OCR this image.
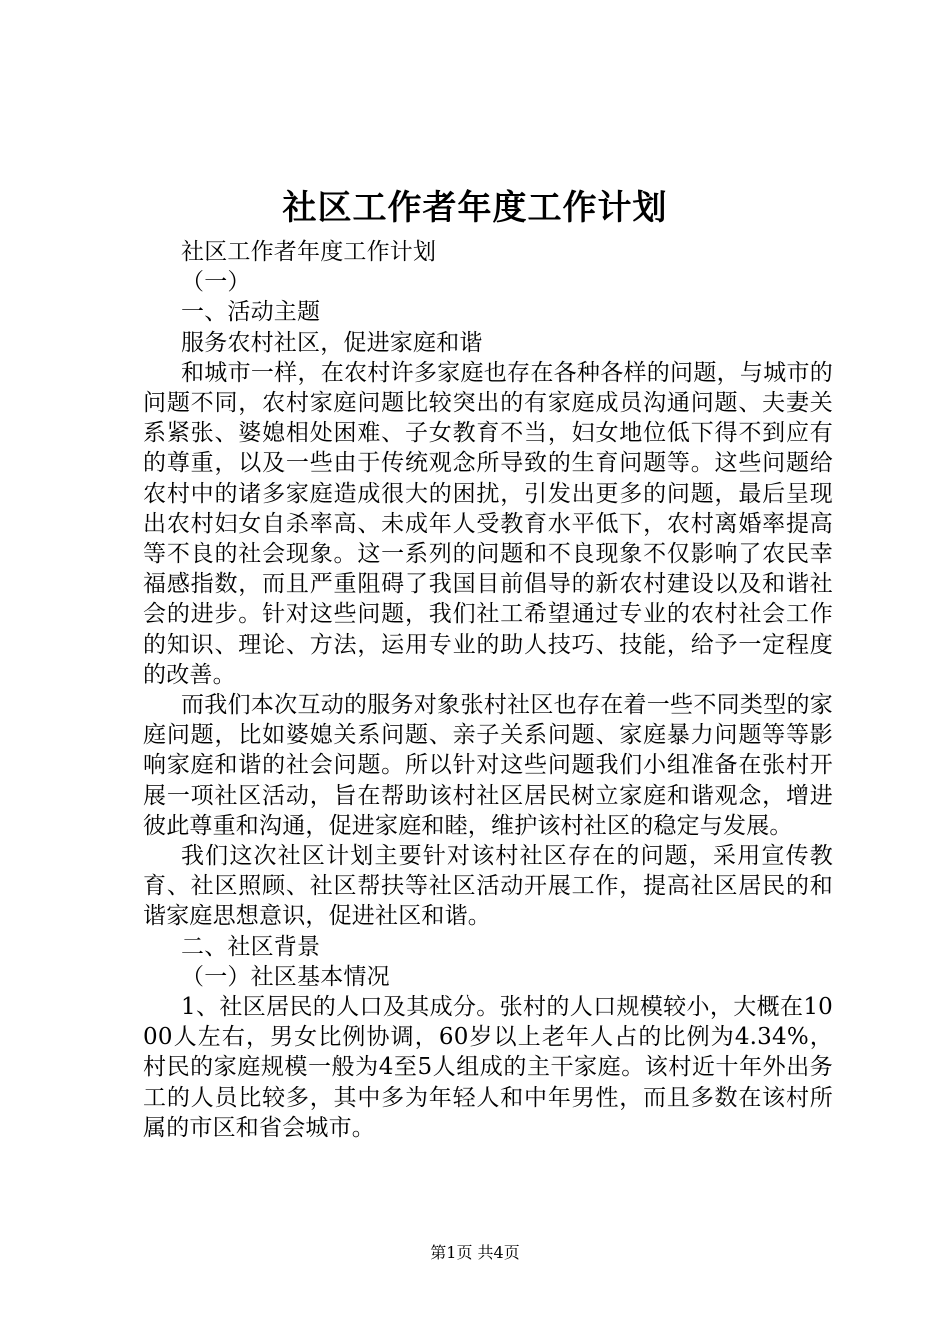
社区工作者年度工作计划

社区工作者年度工作计划

（一）

一、活动主题

服务农村社区，促进家庭和谐

和城市一样，在农村许多家庭也存在各种各样的问题，与城市的问题不同，农村家庭问题比较突出的有家庭成员沟通问题、夫妻关系紧张、婆媳相处困难、子女教育不当，妇女地位低下得不到应有的尊重，以及一些由于传统观念所导致的生育问题等。这些问题给农村中的诸多家庭造成很大的困扰，引发出更多的问题，最后呈现出农村妇女自杀率高、未成年人受教育水平低下，农村离婚率提高等不良的社会现象。这一系列的问题和不良现象不仅影响了农民幸福感指数，而且严重阻碍了我国目前倡导的新农村建设以及和谐社会的进步。针对这些问题，我们社工希望通过专业的农村社会工作的知识、理论、方法，运用专业的助人技巧、技能，给予一定程度的改善。

而我们本次互动的服务对象张村社区也存在着一些不同类型的家庭问题，比如婆媳关系问题、亲子关系问题、家庭暴力问题等等影响家庭和谐的社会问题。所以针对这些问题我们小组准备在张村开展一项社区活动，旨在帮助该村社区居民树立家庭和谐观念，增进彼此尊重和沟通，促进家庭和睦，维护该村社区的稳定与发展。

我们这次社区计划主要针对该村社区存在的问题，采用宣传教育、社区照顾、社区帮扶等社区活动开展工作，提高社区居民的和谐家庭思想意识，促进社区和谐。

二、社区背景

（一）社区基本情况

1、社区居民的人口及其成分。张村的人口规模较小，大概在1000人左右，男女比例协调，60岁以上老年人占的比例为4.34%，村民的家庭规模一般为4至5人组成的主干家庭。该村近十年外出务工的人员比较多，其中多为年轻人和中年男性，而且多数在该村所属的市区和省会城市。

第1页 共4页
